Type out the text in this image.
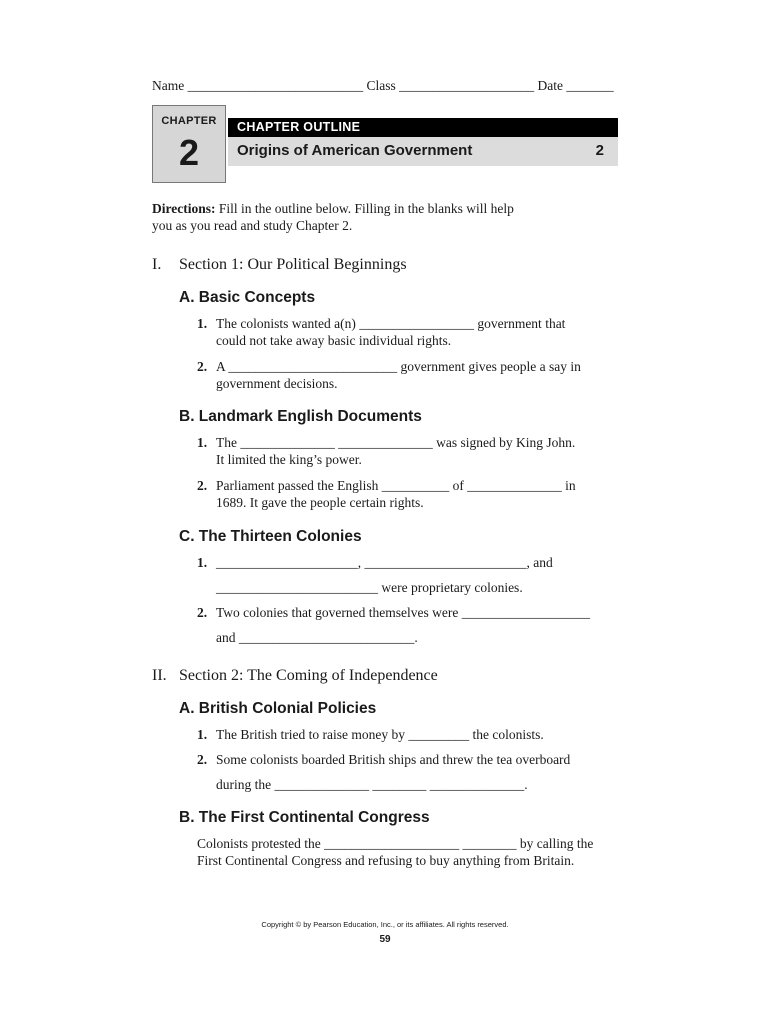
Name __________________________ Class ____________________ Date _______
CHAPTER
2
CHAPTER OUTLINE
Origins of American Government	2
Directions: Fill in the outline below. Filling in the blanks will help
you as you read and study Chapter 2.
I. Section 1: Our Political Beginnings
A. Basic Concepts
1. The colonists wanted a(n) _________________ government that
could not take away basic individual rights.
2. A _________________________ government gives people a say in
government decisions.
B. Landmark English Documents
1. The ______________ ______________ was signed by King John.
It limited the king’s power.
2. Parliament passed the English __________ of ______________ in
1689. It gave the people certain rights.
C. The Thirteen Colonies
1. _____________________, ________________________, and
________________________ were proprietary colonies.
2. Two colonies that governed themselves were ___________________
and __________________________.
II. Section 2: The Coming of Independence
A. British Colonial Policies
1. The British tried to raise money by _________ the colonists.
2. Some colonists boarded British ships and threw the tea overboard
during the ______________ ________ ______________.
B. The First Continental Congress
Colonists protested the ____________________ ________ by calling the
First Continental Congress and refusing to buy anything from Britain.
Copyright © by Pearson Education, Inc., or its affiliates. All rights reserved.
59
